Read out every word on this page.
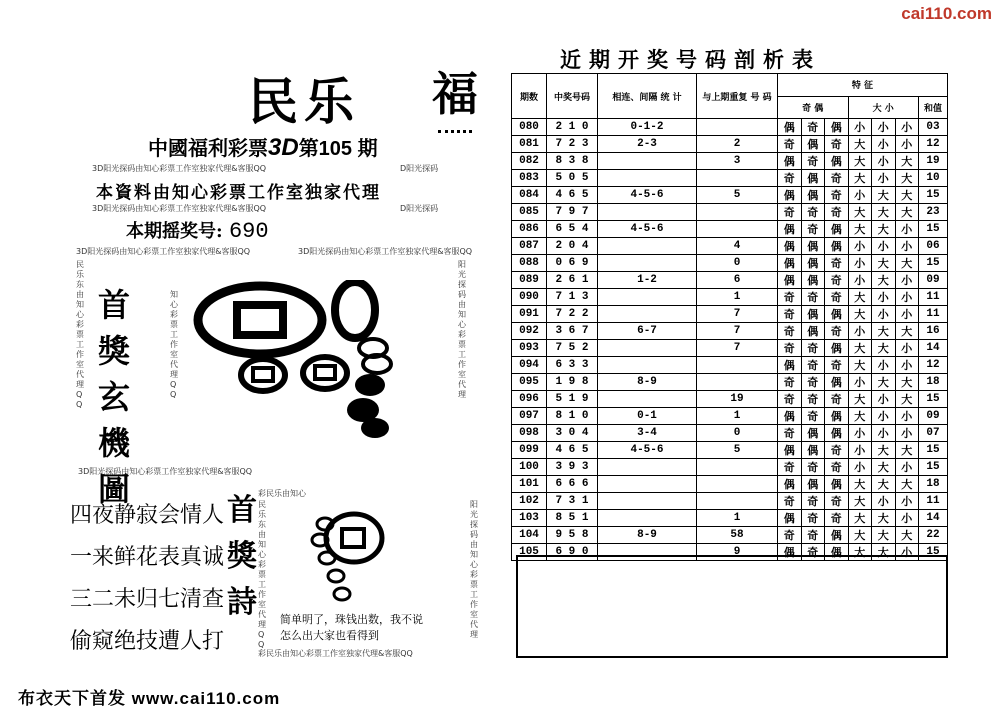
cai110.com
民乐 福
中國福利彩票3D第105 期
3D阳光探码由知心彩票工作室独家代理&客服QQ	D阳光探码
本資料由知心彩票工作室独家代理
3D阳光探码由知心彩票工作室独家代理&客服QQ	D阳光探码
本期摇奖号: 690
3D阳光探码由知心彩票工作室独家代理&客服QQ	3D阳光探码由知心彩票工作室独家代理&客服QQ
民乐东由知心彩票工作室代理QQ
知心彩票工作室代理QQ
阳光探码由知心彩票工作室代理
首
獎
玄
機
圖
3D阳光探码由知心彩票工作室独家代理&客服QQ
四夜静寂会情人
一来鲜花表真诚
三二未归七清查
偷窥绝技遭人打
首
獎
詩
彩民乐由知心
民乐东由知心彩票工作室代理QQ
阳光探码由知心彩票工作室代理
简单明了，珠钱出数，我不说
怎么出大家也看得到
彩民乐由知心彩票工作室独家代理&客服QQ
布衣天下首发 www.cai110.com
近期开奖号码剖析表
期数	中奖号码	相连、间隔 统 计	与上期重复 号 码	特 征						
				奇 偶			大 小			和值
080	2 1 0	0-1-2		偶	奇	偶	小	小	小	03
081	7 2 3	2-3	2	奇	偶	奇	大	小	小	12
082	8 3 8		3	偶	奇	偶	大	小	大	19
083	5 0 5			奇	偶	奇	大	小	大	10
084	4 6 5	4-5-6	5	偶	偶	奇	小	大	大	15
085	7 9 7			奇	奇	奇	大	大	大	23
086	6 5 4	4-5-6		偶	奇	偶	大	大	小	15
087	2 0 4		4	偶	偶	偶	小	小	小	06
088	0 6 9		0	偶	偶	奇	小	大	大	15
089	2 6 1	1-2	6	偶	偶	奇	小	大	小	09
090	7 1 3		1	奇	奇	奇	大	小	小	11
091	7 2 2		7	奇	偶	偶	大	小	小	11
092	3 6 7	6-7	7	奇	偶	奇	小	大	大	16
093	7 5 2		7	奇	奇	偶	大	大	小	14
094	6 3 3			偶	奇	奇	大	小	小	12
095	1 9 8	8-9		奇	奇	偶	小	大	大	18
096	5 1 9		19	奇	奇	奇	大	小	大	15
097	8 1 0	0-1	1	偶	奇	偶	大	小	小	09
098	3 0 4	3-4	0	奇	偶	偶	小	小	小	07
099	4 6 5	4-5-6	5	偶	偶	奇	小	大	大	15
100	3 9 3			奇	奇	奇	小	大	小	15
101	6 6 6			偶	偶	偶	大	大	大	18
102	7 3 1			奇	奇	奇	大	小	小	11
103	8 5 1		1	偶	奇	奇	大	大	小	14
104	9 5 8	8-9	58	奇	奇	偶	大	大	大	22
105	6 9 0		9	偶	奇	偶	大	大	小	15
